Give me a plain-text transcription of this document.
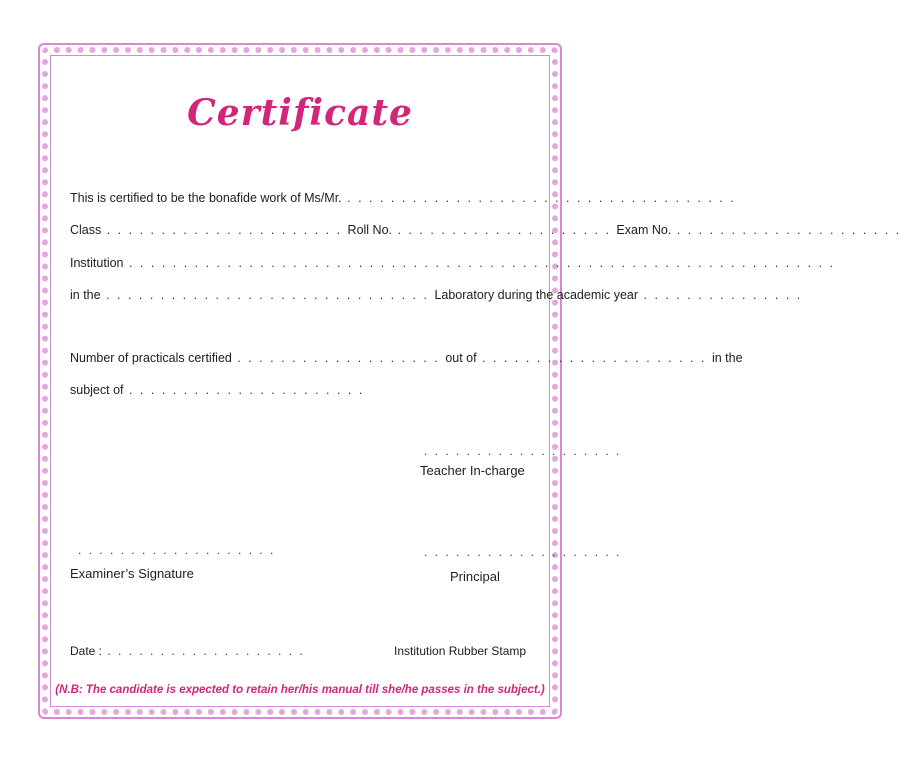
Certificate
This is certified to be the bonafide work of Ms/Mr. . . . . . . . . . . . . . . . . . . . . . . . . . . . . . . . . . . . .
Class . . . . . . . . . . . . . . . . . . . . . . Roll No. . . . . . . . . . . . . . . . . . . . . Exam No. . . . . . . . . . . . . . . . . . . . . .
Institution . . . . . . . . . . . . . . . . . . . . . . . . . . . . . . . . . . . . . . . . . . . . . . . . . . . . . . . . . . . . . . . . .
in the . . . . . . . . . . . . . . . . . . . . . . . . . . . . . . Laboratory during the academic year . . . . . . . . . . . . . . .
Number of practicals certified . . . . . . . . . . . . . . . . . . . out of . . . . . . . . . . . . . . . . . . . . . in the
subject of . . . . . . . . . . . . . . . . . . . . . .
. . . . . . . . . . . . . . . . . . .
Teacher In-charge
. . . . . . . . . . . . . . . . . . .	. . . . . . . . . . . . . . . . . . .
Examiner’s Signature	Principal
Date : . . . . . . . . . . . . . . . . . . .	Institution Rubber Stamp
(N.B: The candidate is expected to retain her/his manual till she/he passes in the subject.)
